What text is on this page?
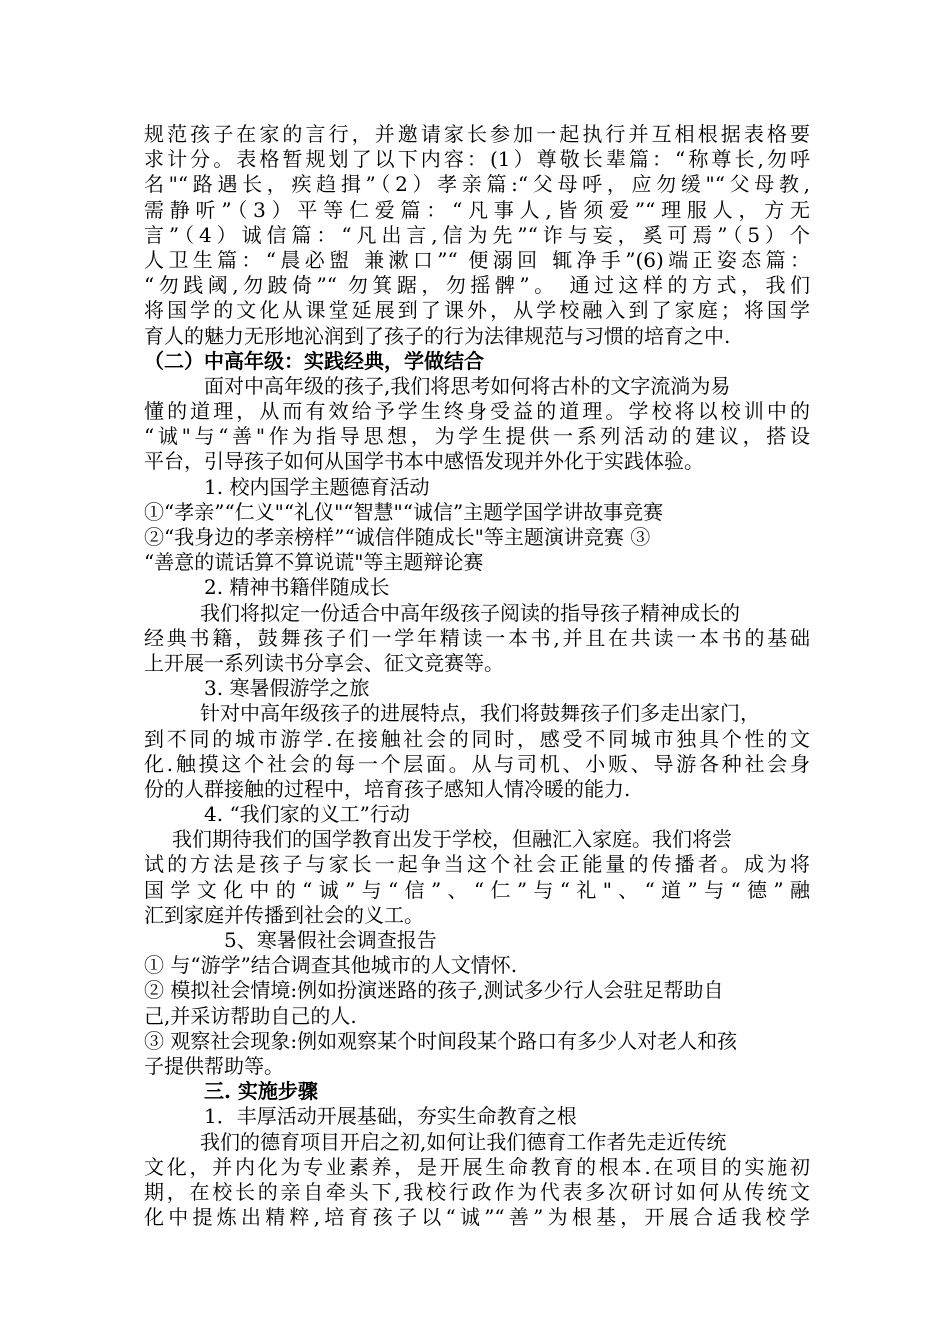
规范孩子在家的言行，并邀请家长参加一起执行并互相根据表格要
求计分。表格暂规划了以下内容：(1）尊敬长辈篇：“称尊长,勿呼
名"“路遇长，疾趋揖”（2）孝亲篇:“父母呼，应勿缓"“父母教,
需静听”（3）平等仁爱篇：“凡事人,皆须爱”“理服人，方无
言”（4）诚信篇：“凡出言,信为先”“诈与妄，奚可焉”（5）个
人卫生篇：“晨必盥 兼漱口”“ 便溺回 辄净手”(6)端正姿态篇：
“勿践阈,勿跛倚”“ 勿箕踞，勿摇髀”。 通过这样的方式，我们
将国学的文化从课堂延展到了课外，从学校融入到了家庭；将国学
育人的魅力无形地沁润到了孩子的行为法律规范与习惯的培育之中.
（二）中高年级：实践经典，学做结合
面对中高年级的孩子,我们将思考如何将古朴的文字流淌为易
懂的道理，从而有效给予学生终身受益的道理。学校将以校训中的
“诚"与“善"作为指导思想，为学生提供一系列活动的建议，搭设
平台，引导孩子如何从国学书本中感悟发现并外化于实践体验。
1. 校内国学主题德育活动
①“孝亲”“仁义"“礼仪"“智慧"“诚信”主题学国学讲故事竞赛
②“我身边的孝亲榜样”“诚信伴随成长"等主题演讲竞赛 ③
“善意的谎话算不算说谎"等主题辩论赛
2. 精神书籍伴随成长
我们将拟定一份适合中高年级孩子阅读的指导孩子精神成长的
经典书籍，鼓舞孩子们一学年精读一本书,并且在共读一本书的基础
上开展一系列读书分享会、征文竞赛等。
3. 寒暑假游学之旅
针对中高年级孩子的进展特点，我们将鼓舞孩子们多走出家门，
到不同的城市游学.在接触社会的同时，感受不同城市独具个性的文
化.触摸这个社会的每一个层面。从与司机、小贩、导游各种社会身
份的人群接触的过程中，培育孩子感知人情冷暖的能力.
4. “我们家的义工”行动
我们期待我们的国学教育出发于学校，但融汇入家庭。我们将尝
试的方法是孩子与家长一起争当这个社会正能量的传播者。成为将
国学文化中的“诚”与“信”、“仁”与“礼"、“道”与“德”融
汇到家庭并传播到社会的义工。
5、寒暑假社会调查报告
① 与“游学”结合调查其他城市的人文情怀.
② 模拟社会情境:例如扮演迷路的孩子,测试多少行人会驻足帮助自
己,并采访帮助自己的人.
③ 观察社会现象:例如观察某个时间段某个路口有多少人对老人和孩
子提供帮助等。
三. 实施步骤
1．丰厚活动开展基础，夯实生命教育之根
我们的德育项目开启之初,如何让我们德育工作者先走近传统
文化，并内化为专业素养，是开展生命教育的根本.在项目的实施初
期，在校长的亲自牵头下,我校行政作为代表多次研讨如何从传统文
化中提炼出精粹,培育孩子以“诚”“善”为根基，开展合适我校学
